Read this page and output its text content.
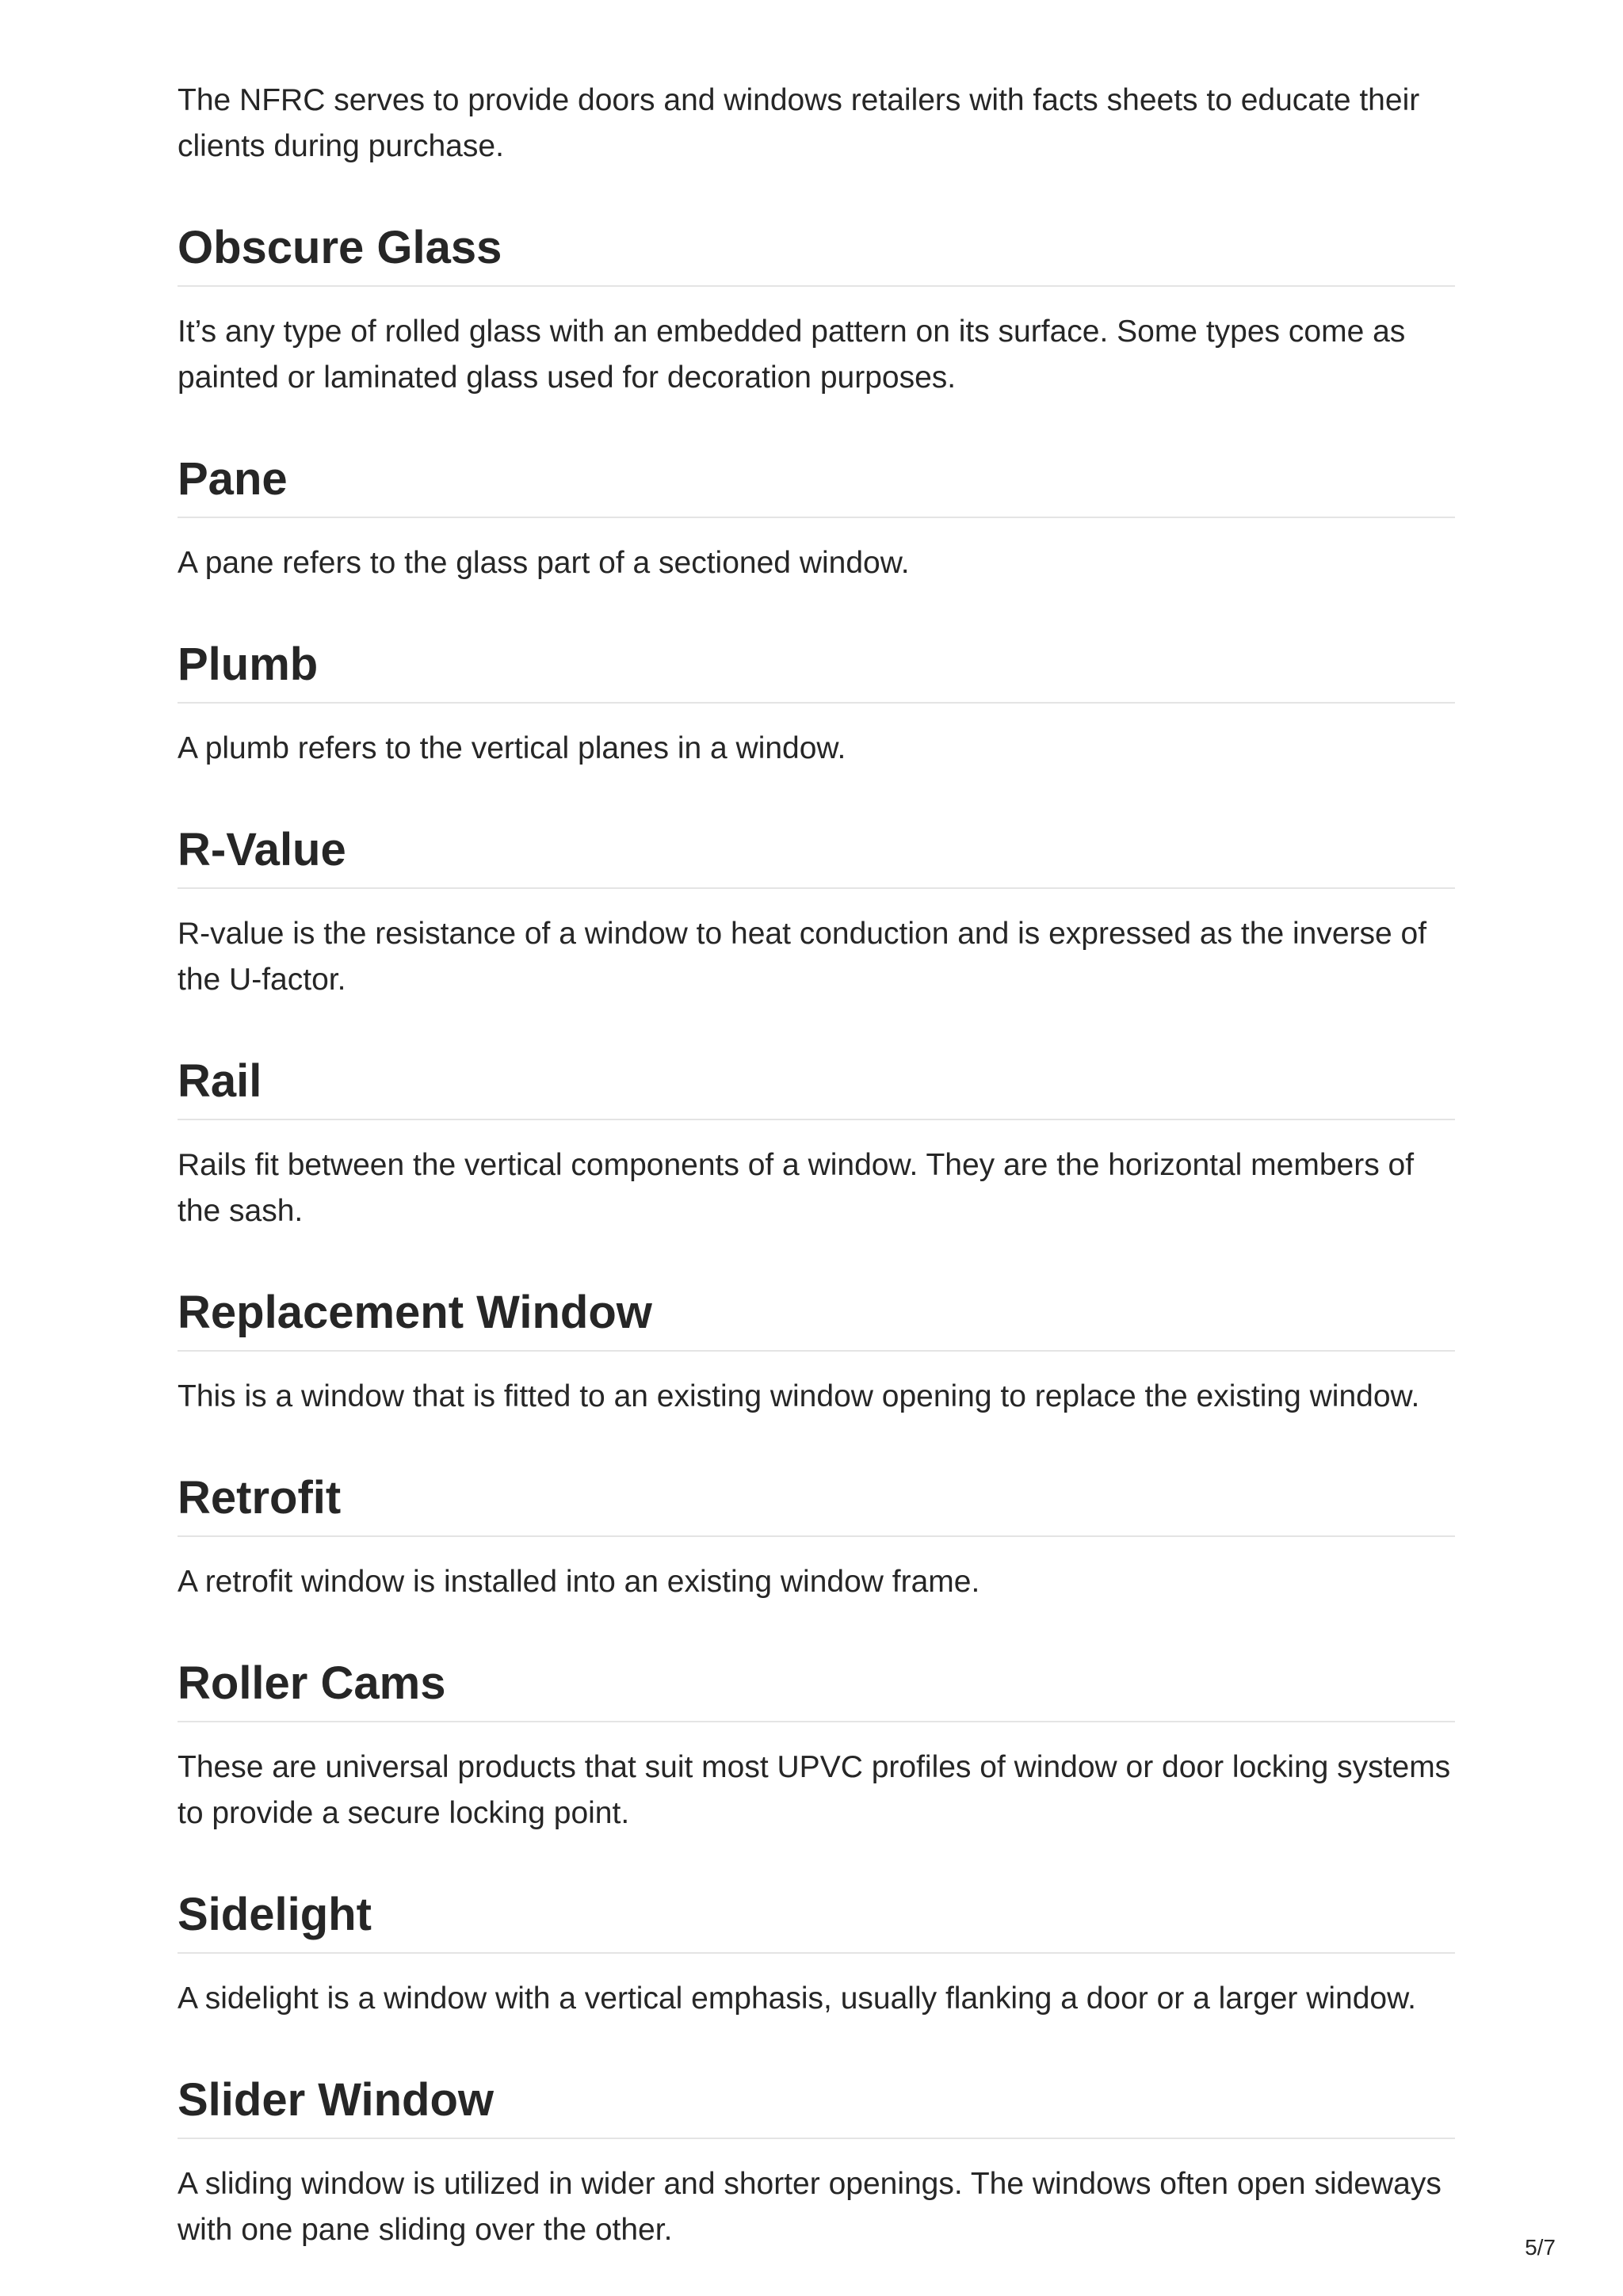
The NFRC serves to provide doors and windows retailers with facts sheets to educate their clients during purchase.

Obscure Glass

It’s any type of rolled glass with an embedded pattern on its surface. Some types come as painted or laminated glass used for decoration purposes.

Pane

A pane refers to the glass part of a sectioned window.

Plumb

A plumb refers to the vertical planes in a window.

R-Value

R-value is the resistance of a window to heat conduction and is expressed as the inverse of the U-factor.

Rail

Rails fit between the vertical components of a window. They are the horizontal members of the sash.

Replacement Window

This is a window that is fitted to an existing window opening to replace the existing window.

Retrofit

A retrofit window is installed into an existing window frame.

Roller Cams

These are universal products that suit most UPVC profiles of window or door locking systems to provide a secure locking point.

Sidelight

A sidelight is a window with a vertical emphasis, usually flanking a door or a larger window.

Slider Window

A sliding window is utilized in wider and shorter openings. The windows often open sideways with one pane sliding over the other.

5/7
